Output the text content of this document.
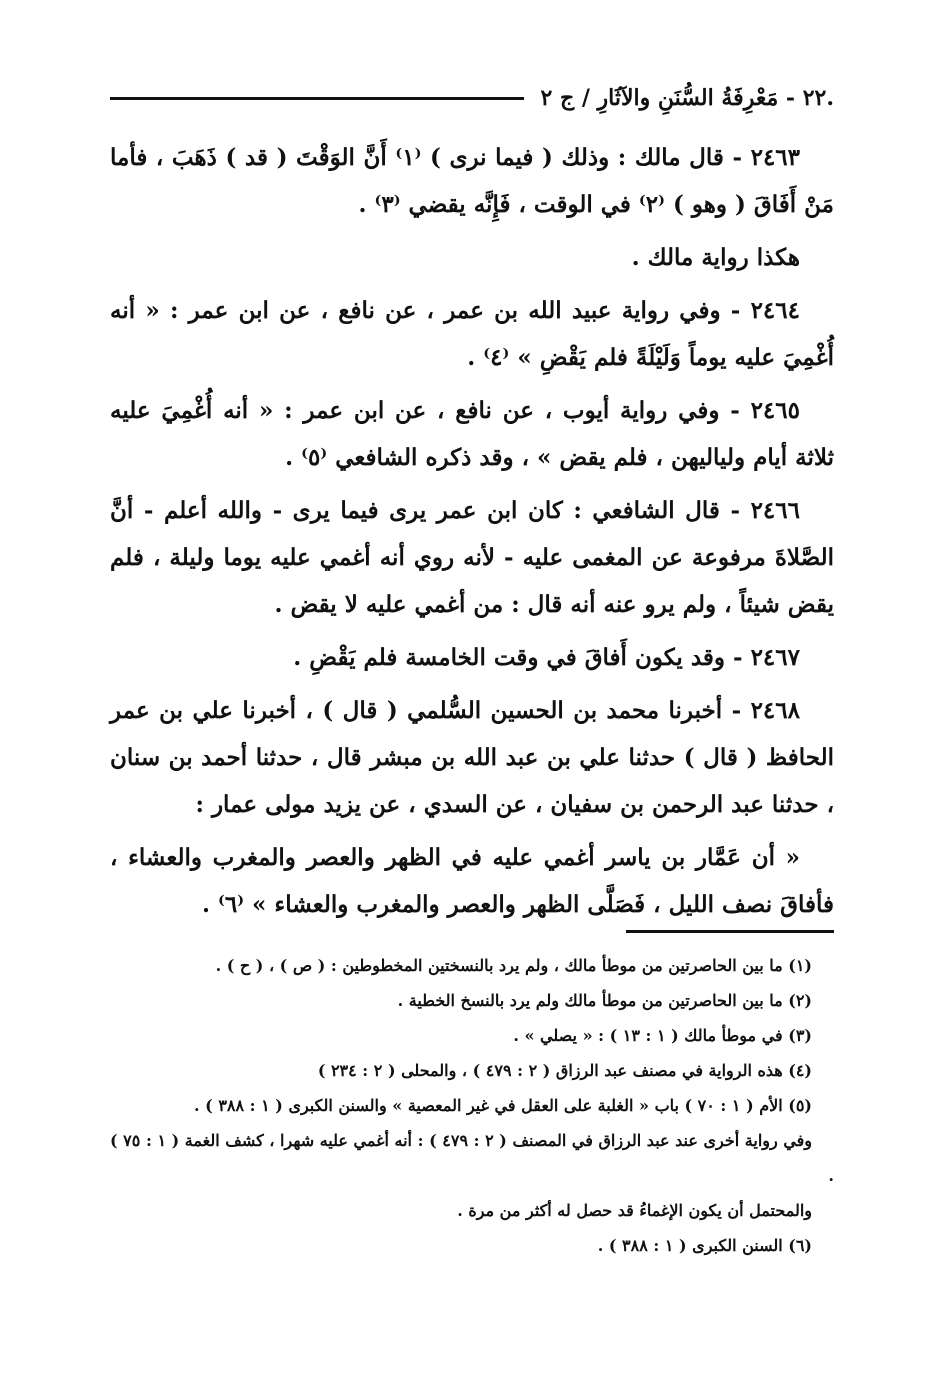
.٢٢ - مَعْرِفَةُ السُّنَنِ والآثَارِ / ج ٢

٢٤٦٣ - قال مالك : وذلك ( فيما نرى ) ⁽١⁾ أَنَّ الوَقْتَ ( قد ) ذَهَبَ ، فأما مَنْ أَفَاقَ ( وهو ) ⁽٢⁾ في الوقت ، فَإِنَّه يقضي ⁽٣⁾ .

هكذا رواية مالك .

٢٤٦٤ - وفي رواية عبيد الله بن عمر ، عن نافع ، عن ابن عمر : « أنه أُغْمِيَ عليه يوماً وَلَيْلَةً فلم يَقْضِ » ⁽٤⁾ .

٢٤٦٥ - وفي رواية أيوب ، عن نافع ، عن ابن عمر : « أنه أُغْمِيَ عليه ثلاثة أيام ولياليهن ، فلم يقض » ، وقد ذكره الشافعي ⁽٥⁾ .

٢٤٦٦ - قال الشافعي : كان ابن عمر يرى فيما يرى - والله أعلم - أنَّ الصَّلاةَ مرفوعة عن المغمى عليه - لأنه روي أنه أغمي عليه يوما وليلة ، فلم يقض شيئاً ، ولم يرو عنه أنه قال : من أغمي عليه لا يقض .

٢٤٦٧ - وقد يكون أَفاقَ في وقت الخامسة فلم يَقْضِ .

٢٤٦٨ - أخبرنا محمد بن الحسين السُّلمي ( قال ) ، أخبرنا علي بن عمر الحافظ ( قال ) حدثنا علي بن عبد الله بن مبشر قال ، حدثنا أحمد بن سنان ، حدثنا عبد الرحمن بن سفيان ، عن السدي ، عن يزيد مولى عمار :

« أن عَمَّار بن ياسر أغمي عليه في الظهر والعصر والمغرب والعشاء ، فأفاقَ نصف الليل ، فَصَلَّى الظهر والعصر والمغرب والعشاء » ⁽٦⁾ .

(١) ما بين الحاصرتين من موطأ مالك ، ولم يرد بالنسختين المخطوطين : ( ص ) ، ( ح ) .

(٢) ما بين الحاصرتين من موطأ مالك ولم يرد بالنسخ الخطية .

(٣) في موطأ مالك ( ١ : ١٣ ) : « يصلي » .

(٤) هذه الرواية في مصنف عبد الرزاق ( ٢ : ٤٧٩ ) ، والمحلى ( ٢ : ٢٣٤ )

(٥) الأم ( ١ : ٧٠ ) باب « الغلبة على العقل في غير المعصية » والسنن الكبرى ( ١ : ٣٨٨ ) .

وفي رواية أخرى عند عبد الرزاق في المصنف ( ٢ : ٤٧٩ ) : أنه أغمي عليه شهرا ، كشف الغمة ( ١ : ٧٥ ) .

والمحتمل أن يكون الإغماءُ قد حصل له أكثر من مرة .

(٦) السنن الكبرى ( ١ : ٣٨٨ ) .
